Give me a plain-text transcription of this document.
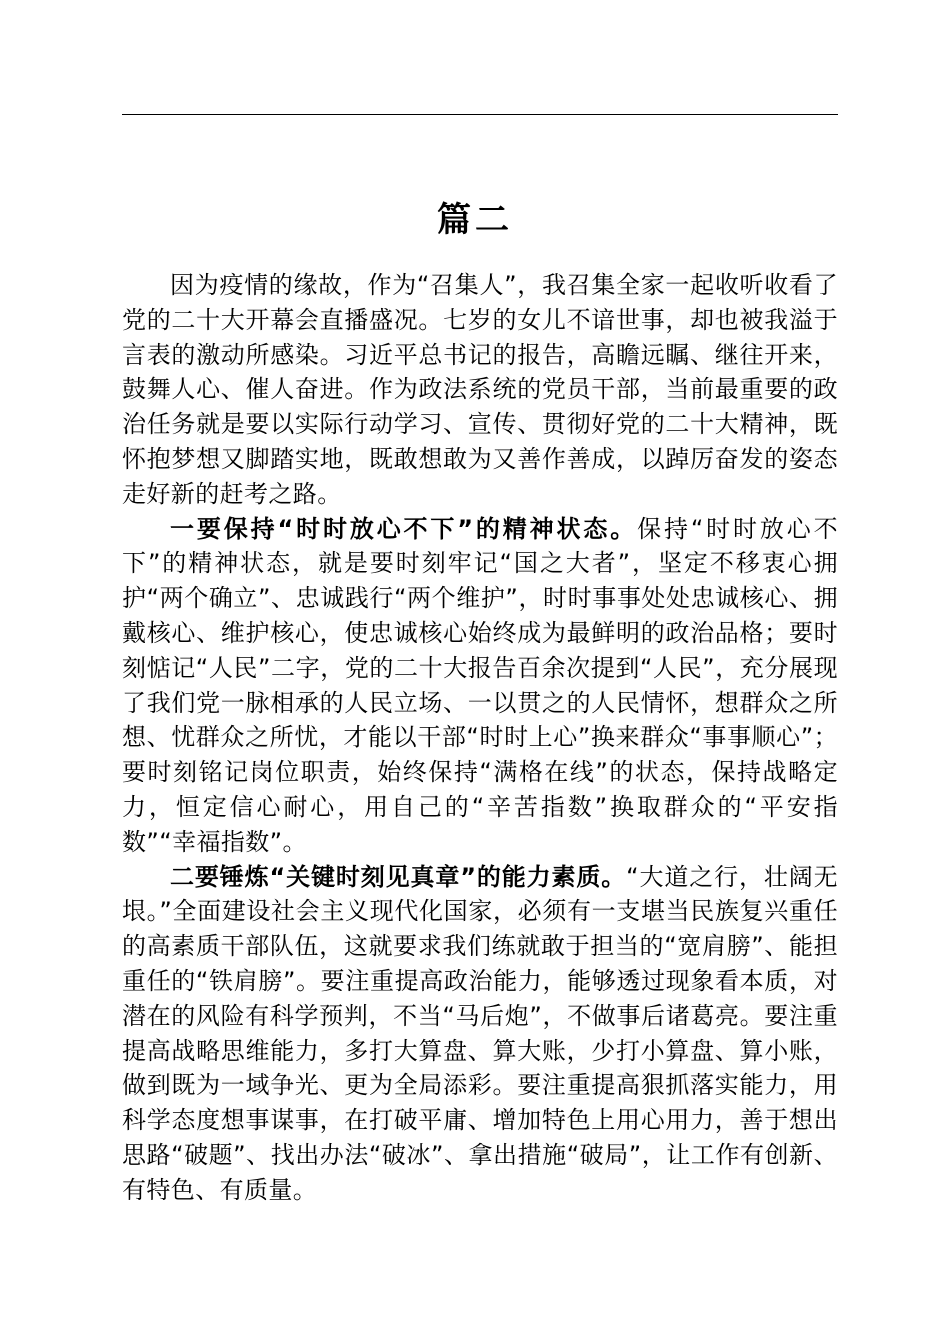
篇二

因为疫情的缘故，作为“召集人”，我召集全家一起收听收看了党的二十大开幕会直播盛况。七岁的女儿不谙世事，却也被我溢于言表的激动所感染。习近平总书记的报告，高瞻远瞩、继往开来，鼓舞人心、催人奋进。作为政法系统的党员干部，当前最重要的政治任务就是要以实际行动学习、宣传、贯彻好党的二十大精神，既怀抱梦想又脚踏实地，既敢想敢为又善作善成，以踔厉奋发的姿态走好新的赶考之路。

一要保持“时时放心不下”的精神状态。保持“时时放心不下”的精神状态，就是要时刻牢记“国之大者”，坚定不移衷心拥护“两个确立”、忠诚践行“两个维护”，时时事事处处忠诚核心、拥戴核心、维护核心，使忠诚核心始终成为最鲜明的政治品格；要时刻惦记“人民”二字，党的二十大报告百余次提到“人民”，充分展现了我们党一脉相承的人民立场、一以贯之的人民情怀，想群众之所想、忧群众之所忧，才能以干部“时时上心”换来群众“事事顺心”；要时刻铭记岗位职责，始终保持“满格在线”的状态，保持战略定力，恒定信心耐心，用自己的“辛苦指数”换取群众的“平安指数”“幸福指数”。

二要锤炼“关键时刻见真章”的能力素质。“大道之行，壮阔无垠。”全面建设社会主义现代化国家，必须有一支堪当民族复兴重任的高素质干部队伍，这就要求我们练就敢于担当的“宽肩膀”、能担重任的“铁肩膀”。要注重提高政治能力，能够透过现象看本质，对潜在的风险有科学预判，不当“马后炮”，不做事后诸葛亮。要注重提高战略思维能力，多打大算盘、算大账，少打小算盘、算小账，做到既为一域争光、更为全局添彩。要注重提高狠抓落实能力，用科学态度想事谋事，在打破平庸、增加特色上用心用力，善于想出思路“破题”、找出办法“破冰”、拿出措施“破局”，让工作有创新、有特色、有质量。
